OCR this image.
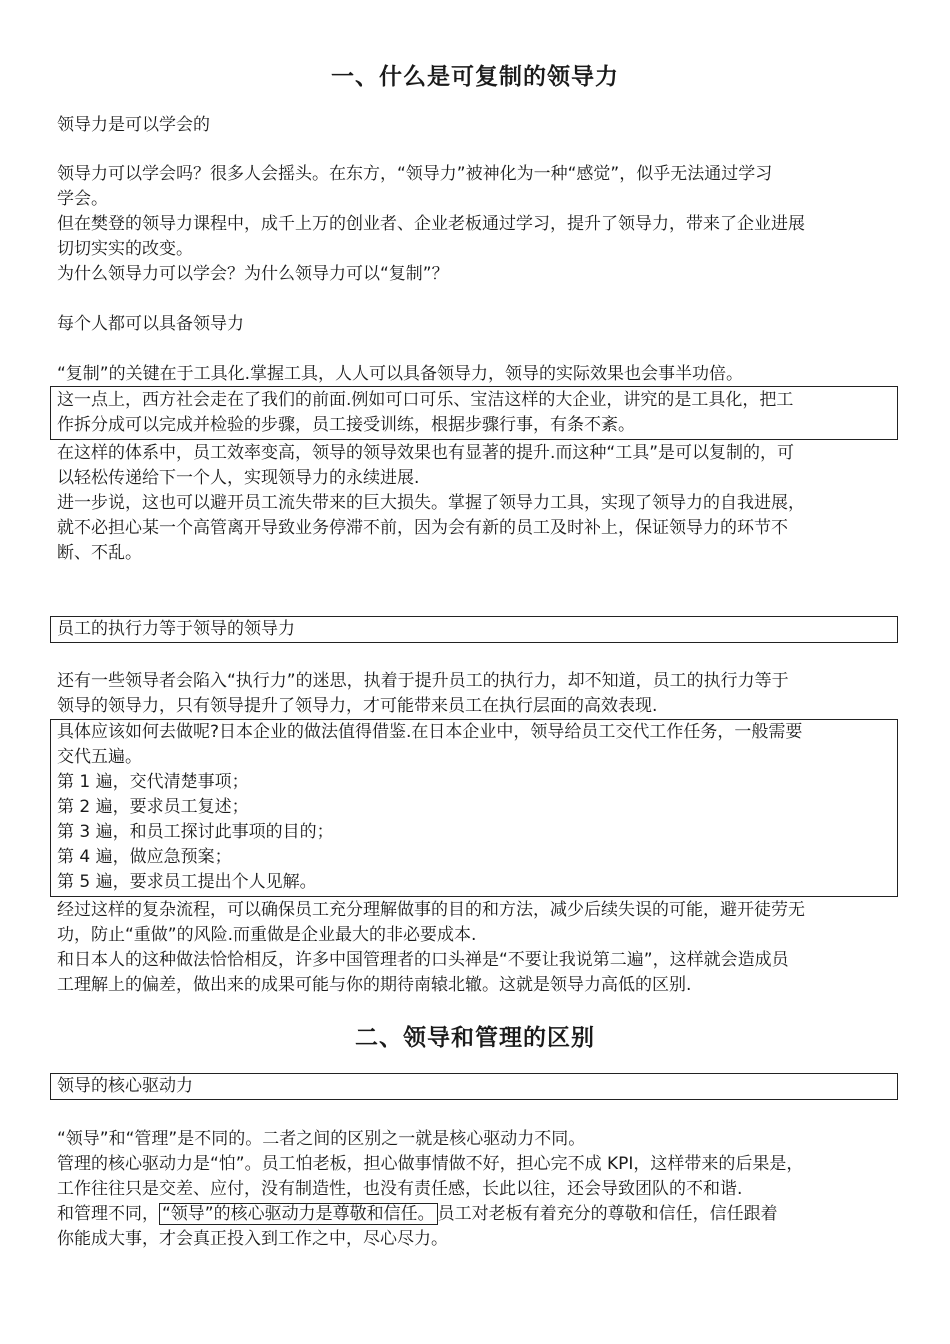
一、什么是可复制的领导力
领导力是可以学会的
领导力可以学会吗？很多人会摇头。在东方，“领导力”被神化为一种“感觉”，似乎无法通过学习
学会。
但在樊登的领导力课程中，成千上万的创业者、企业老板通过学习，提升了领导力，带来了企业进展
切切实实的改变。
为什么领导力可以学会？为什么领导力可以“复制”？
每个人都可以具备领导力
“复制”的关键在于工具化.掌握工具，人人可以具备领导力，领导的实际效果也会事半功倍。
这一点上，西方社会走在了我们的前面.例如可口可乐、宝洁这样的大企业，讲究的是工具化，把工
作拆分成可以完成并检验的步骤，员工接受训练，根据步骤行事，有条不紊。
在这样的体系中，员工效率变高，领导的领导效果也有显著的提升.而这种“工具”是可以复制的，可
以轻松传递给下一个人，实现领导力的永续进展.
进一步说，这也可以避开员工流失带来的巨大损失。掌握了领导力工具，实现了领导力的自我进展，
就不必担心某一个高管离开导致业务停滞不前，因为会有新的员工及时补上，保证领导力的环节不
断、不乱。
员工的执行力等于领导的领导力
还有一些领导者会陷入“执行力”的迷思，执着于提升员工的执行力，却不知道，员工的执行力等于
领导的领导力，只有领导提升了领导力，才可能带来员工在执行层面的高效表现.
具体应该如何去做呢?日本企业的做法值得借鉴.在日本企业中，领导给员工交代工作任务，一般需要
交代五遍。
第 1 遍，交代清楚事项；
第 2 遍，要求员工复述；
第 3 遍，和员工探讨此事项的目的；
第 4 遍，做应急预案；
第 5 遍，要求员工提出个人见解。
经过这样的复杂流程，可以确保员工充分理解做事的目的和方法，减少后续失误的可能，避开徒劳无
功，防止“重做”的风险.而重做是企业最大的非必要成本.
和日本人的这种做法恰恰相反，许多中国管理者的口头禅是“不要让我说第二遍”，这样就会造成员
工理解上的偏差，做出来的成果可能与你的期待南辕北辙。这就是领导力高低的区别.
二、领导和管理的区别
领导的核心驱动力
“领导”和“管理”是不同的。二者之间的区别之一就是核心驱动力不同。
管理的核心驱动力是“怕”。员工怕老板，担心做事情做不好，担心完不成 KPI，这样带来的后果是，
工作往往只是交差、应付，没有制造性，也没有责任感，长此以往，还会导致团队的不和谐.
和管理不同， “领导”的核心驱动力是尊敬和信任。 员工对老板有着充分的尊敬和信任，信任跟着
你能成大事，才会真正投入到工作之中，尽心尽力。
